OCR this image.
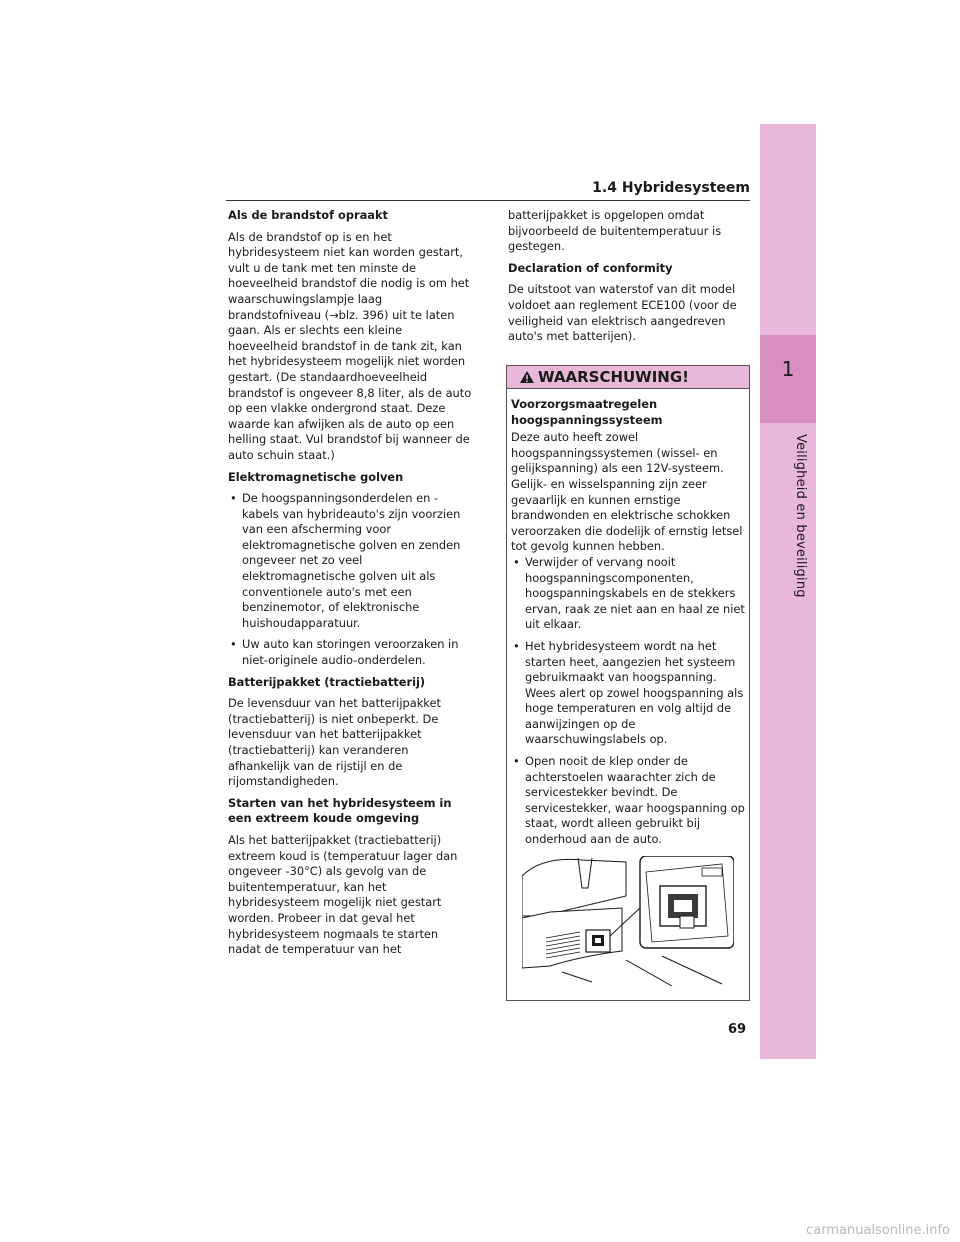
1.4 Hybridesysteem
1
Veiligheid en beveiliging

Als de brandstof opraakt

Als de brandstof op is en het hybridesysteem niet kan worden gestart, vult u de tank met ten minste de hoeveelheid brandstof die nodig is om het waarschuwingslampje laag brandstofniveau (→blz. 396) uit te laten gaan. Als er slechts een kleine hoeveelheid brandstof in de tank zit, kan het hybridesysteem mogelijk niet worden gestart. (De standaardhoeveelheid brandstof is ongeveer 8,8 liter, als de auto op een vlakke ondergrond staat. Deze waarde kan afwijken als de auto op een helling staat. Vul brandstof bij wanneer de auto schuin staat.)

Elektromagnetische golven

• De hoogspanningsonderdelen en -kabels van hybrideauto's zijn voorzien van een afscherming voor elektromagnetische golven en zenden ongeveer net zo veel elektromagnetische golven uit als conventionele auto's met een benzinemotor, of elektronische huishoudapparatuur.
• Uw auto kan storingen veroorzaken in niet-originele audio-onderdelen.

Batterijpakket (tractiebatterij)

De levensduur van het batterijpakket (tractiebatterij) is niet onbeperkt. De levensduur van het batterijpakket (tractiebatterij) kan veranderen afhankelijk van de rijstijl en de rijomstandigheden.

Starten van het hybridesysteem in een extreem koude omgeving

Als het batterijpakket (tractiebatterij) extreem koud is (temperatuur lager dan ongeveer -30°C) als gevolg van de buitentemperatuur, kan het hybridesysteem mogelijk niet gestart worden. Probeer in dat geval het hybridesysteem nogmaals te starten nadat de temperatuur van het

batterijpakket is opgelopen omdat bijvoorbeeld de buitentemperatuur is gestegen.

Declaration of conformity

De uitstoot van waterstof van dit model voldoet aan reglement ECE100 (voor de veiligheid van elektrisch aangedreven auto's met batterijen).

WAARSCHUWING!

Voorzorgsmaatregelen hoogspanningssysteem

Deze auto heeft zowel hoogspanningssystemen (wissel- en gelijkspanning) als een 12V-systeem. Gelijk- en wisselspanning zijn zeer gevaarlijk en kunnen ernstige brandwonden en elektrische schokken veroorzaken die dodelijk of ernstig letsel tot gevolg kunnen hebben.

• Verwijder of vervang nooit hoogspanningscomponenten, hoogspanningskabels en de stekkers ervan, raak ze niet aan en haal ze niet uit elkaar.
• Het hybridesysteem wordt na het starten heet, aangezien het systeem gebruikmaakt van hoogspanning. Wees alert op zowel hoogspanning als hoge temperaturen en volg altijd de aanwijzingen op de waarschuwingslabels op.
• Open nooit de klep onder de achterstoelen waarachter zich de servicestekker bevindt. De servicestekker, waar hoogspanning op staat, wordt alleen gebruikt bij onderhoud aan de auto.
69
carmanualsonline.info
